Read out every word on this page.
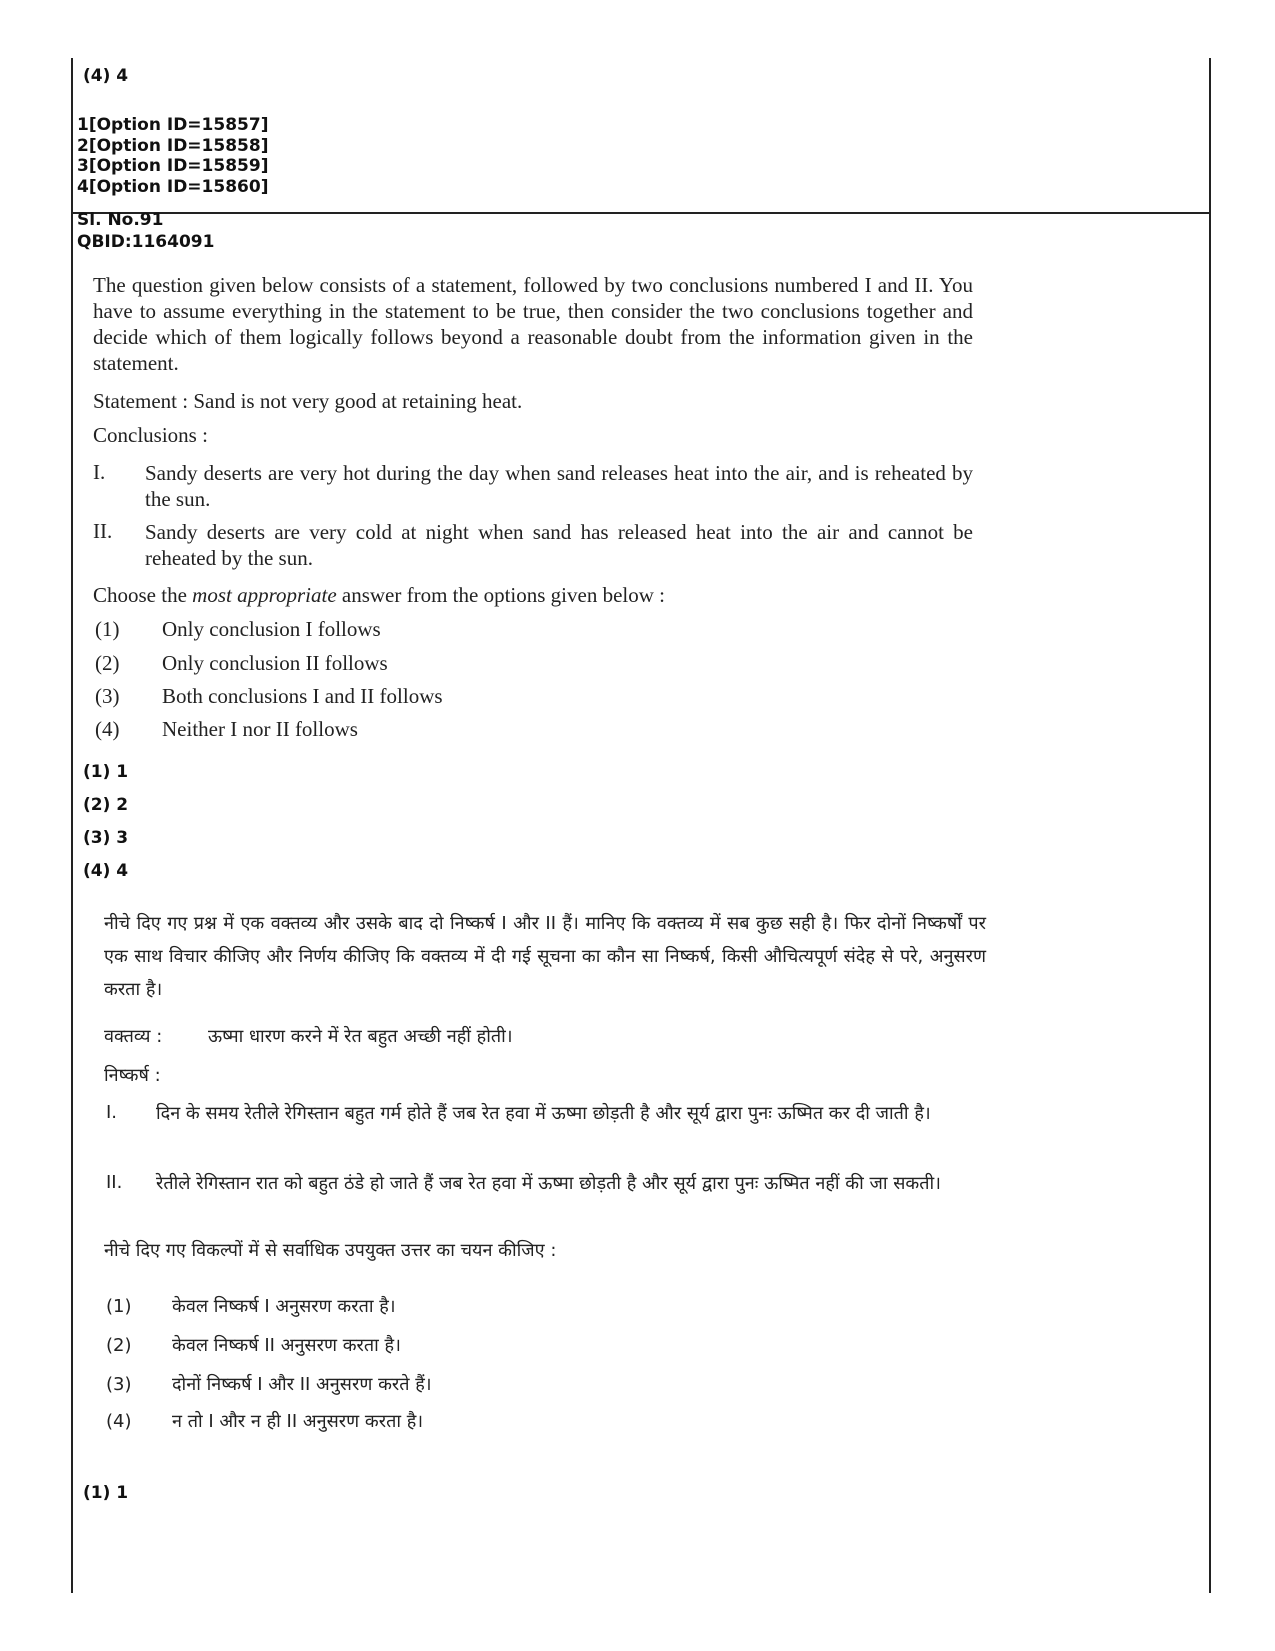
(4) 4
1[Option ID=15857]
2[Option ID=15858]
3[Option ID=15859]
4[Option ID=15860]
Sl. No.91
QBID:1164091
The question given below consists of a statement, followed by two conclusions numbered I and II. You have to assume everything in the statement to be true, then consider the two conclusions together and decide which of them logically follows beyond a reasonable doubt from the information given in the statement.
Statement : Sand is not very good at retaining heat.
Conclusions :
I. Sandy deserts are very hot during the day when sand releases heat into the air, and is reheated by the sun.
II. Sandy deserts are very cold at night when sand has released heat into the air and cannot be reheated by the sun.
Choose the most appropriate answer from the options given below :
(1) Only conclusion I follows
(2) Only conclusion II follows
(3) Both conclusions I and II follows
(4) Neither I nor II follows
(1) 1
(2) 2
(3) 3
(4) 4
नीचे दिए गए प्रश्न में एक वक्तव्य और उसके बाद दो निष्कर्ष I और II हैं। मानिए कि वक्तव्य में सब कुछ सही है। फिर दोनों निष्कर्षों पर एक साथ विचार कीजिए और निर्णय कीजिए कि वक्तव्य में दी गई सूचना का कौन सा निष्कर्ष, किसी औचित्यपूर्ण संदेह से परे, अनुसरण करता है।
वक्तव्य :	ऊष्मा धारण करने में रेत बहुत अच्छी नहीं होती।
निष्कर्ष :
I. दिन के समय रेतीले रेगिस्तान बहुत गर्म होते हैं जब रेत हवा में ऊष्मा छोड़ती है और सूर्य द्वारा पुनः ऊष्मित कर दी जाती है।
II. रेतीले रेगिस्तान रात को बहुत ठंडे हो जाते हैं जब रेत हवा में ऊष्मा छोड़ती है और सूर्य द्वारा पुनः ऊष्मित नहीं की जा सकती।
नीचे दिए गए विकल्पों में से सर्वाधिक उपयुक्त उत्तर का चयन कीजिए :
(1) केवल निष्कर्ष I अनुसरण करता है।
(2) केवल निष्कर्ष II अनुसरण करता है।
(3) दोनों निष्कर्ष I और II अनुसरण करते हैं।
(4) न तो I और न ही II अनुसरण करता है।
(1) 1
